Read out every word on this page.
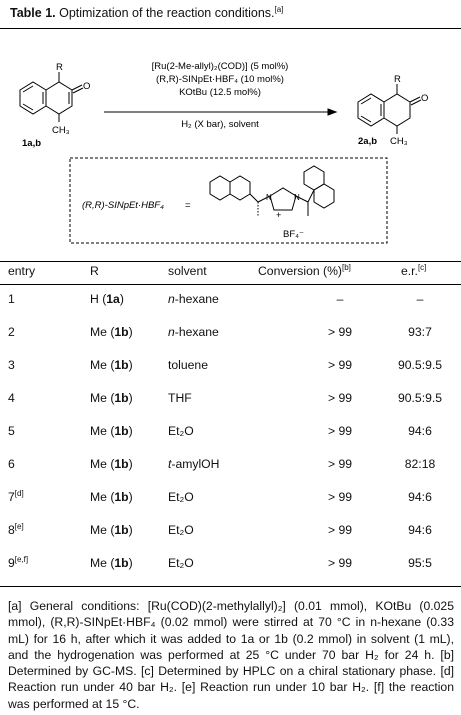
Table 1. Optimization of the reaction conditions.[a]
R
O
CH₃
1a,b
[Ru(2-Me-allyl)₂(COD)] (5 mol%)
(R,R)-SINpEt·HBF₄ (10 mol%)
KOtBu (12.5 mol%)
H₂ (X bar), solvent
R
O
CH₃
2a,b
(R,R)-SINpEt·HBF₄ =
N	N
+
BF₄⁻
entry	R	solvent	Conversion (%)[b]	e.r.[c]
1	H (1a)	n-hexane	–	–
2	Me (1b)	n-hexane	> 99	93:7
3	Me (1b)	toluene	> 99	90.5:9.5
4	Me (1b)	THF	> 99	90.5:9.5
5	Me (1b)	Et₂O	> 99	94:6
6	Me (1b)	t-amylOH	> 99	82:18
7[d]	Me (1b)	Et₂O	> 99	94:6
8[e]	Me (1b)	Et₂O	> 99	94:6
9[e,f]	Me (1b)	Et₂O	> 99	95:5
[a] General conditions: [Ru(COD)(2-methylallyl)₂] (0.01 mmol), KOtBu (0.025 mmol), (R,R)-SINpEt·HBF₄ (0.02 mmol) were stirred at 70 °C in n-hexane (0.33 mL) for 16 h, after which it was added to 1a or 1b (0.2 mmol) in solvent (1 mL), and the hydrogenation was performed at 25 °C under 70 bar H₂ for 24 h. [b] Determined by GC-MS. [c] Determined by HPLC on a chiral stationary phase. [d] Reaction run under 40 bar H₂. [e] Reaction run under 10 bar H₂. [f] the reaction was performed at 15 °C.
